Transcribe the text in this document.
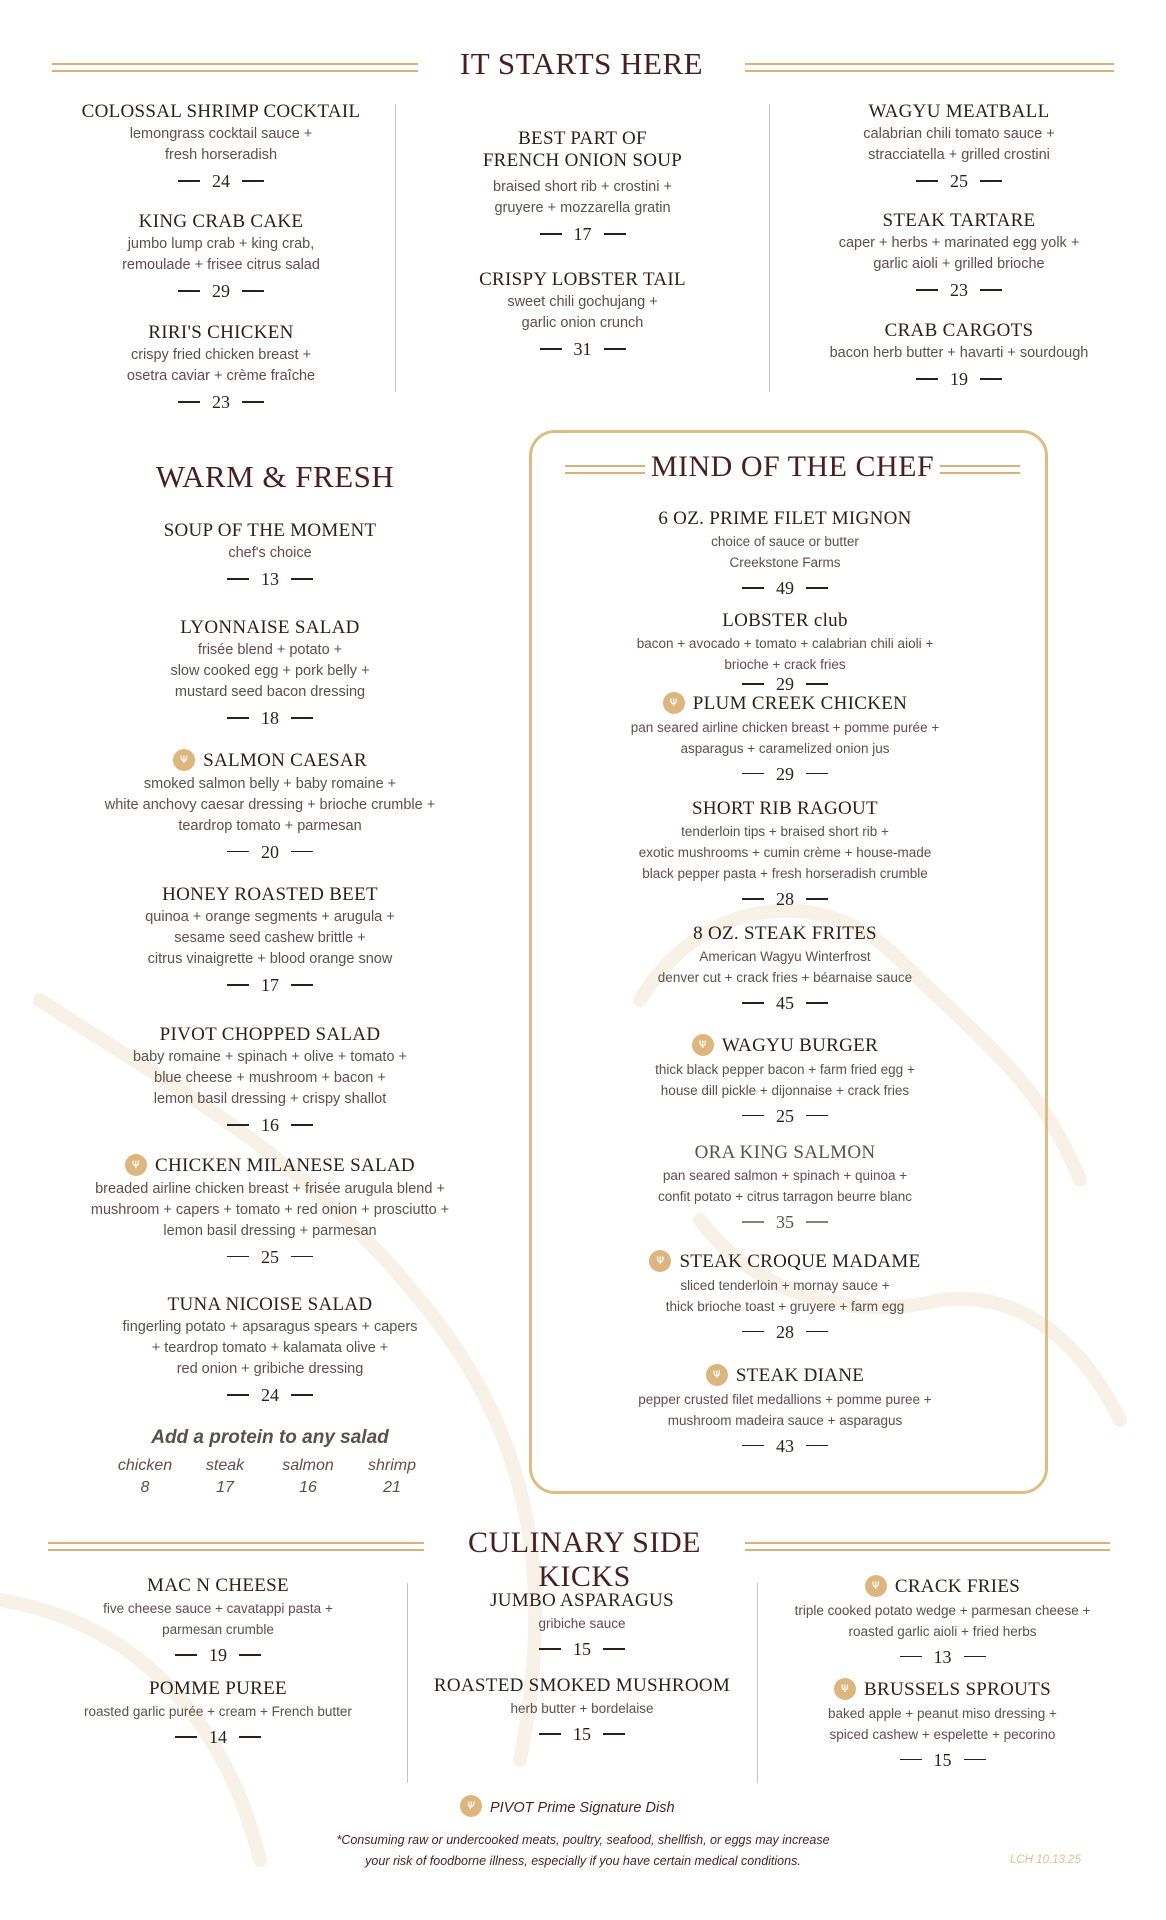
IT STARTS HERE
COLOSSAL SHRIMP COCKTAIL
lemongrass cocktail sauce +
fresh horseradish
24
KING CRAB CAKE
jumbo lump crab + king crab,
remoulade + frisee citrus salad
29
RIRI'S CHICKEN
crispy fried chicken breast +
osetra caviar + crème fraîche
23
BEST PART OF
FRENCH ONION SOUP
braised short rib + crostini +
gruyere + mozzarella gratin
17
CRISPY LOBSTER TAIL
sweet chili gochujang +
garlic onion crunch
31
WAGYU MEATBALL
calabrian chili tomato sauce +
stracciatella + grilled crostini
25
STEAK TARTARE
caper + herbs + marinated egg yolk +
garlic aioli + grilled brioche
23
CRAB CARGOTS
bacon herb butter + havarti + sourdough
19
WARM & FRESH
SOUP OF THE MOMENT
chef's choice
13
LYONNAISE SALAD
frisée blend + potato +
slow cooked egg + pork belly +
mustard seed bacon dressing
18
ᴪ SALMON CAESAR
smoked salmon belly + baby romaine +
white anchovy caesar dressing + brioche crumble +
teardrop tomato + parmesan
20
HONEY ROASTED BEET
quinoa + orange segments + arugula +
sesame seed cashew brittle +
citrus vinaigrette + blood orange snow
17
PIVOT CHOPPED SALAD
baby romaine + spinach + olive + tomato +
blue cheese + mushroom + bacon +
lemon basil dressing + crispy shallot
16
ᴪ CHICKEN MILANESE SALAD
breaded airline chicken breast + frisée arugula blend +
mushroom + capers + tomato + red onion + prosciutto +
lemon basil dressing + parmesan
25
TUNA NICOISE SALAD
fingerling potato + apsaragus spears + capers
+ teardrop tomato + kalamata olive +
red onion + gribiche dressing
24
Add a protein to any salad
chicken
8
steak
17
salmon
16
shrimp
21
MIND OF THE CHEF
6 OZ. PRIME FILET MIGNON
choice of sauce or butter
Creekstone Farms
49
LOBSTER club
bacon + avocado + tomato + calabrian chili aioli +
brioche + crack fries
29
ᴪ PLUM CREEK CHICKEN
pan seared airline chicken breast + pomme purée +
asparagus + caramelized onion jus
29
SHORT RIB RAGOUT
tenderloin tips + braised short rib +
exotic mushrooms + cumin crème + house-made
black pepper pasta + fresh horseradish crumble
28
8 OZ. STEAK FRITES
American Wagyu Winterfrost
denver cut + crack fries + béarnaise sauce
45
ᴪ WAGYU BURGER
thick black pepper bacon + farm fried egg +
house dill pickle + dijonnaise + crack fries
25
ORA KING SALMON
pan seared salmon + spinach + quinoa +
confit potato + citrus tarragon beurre blanc
35
ᴪ STEAK CROQUE MADAME
sliced tenderloin + mornay sauce +
thick brioche toast + gruyere + farm egg
28
ᴪ STEAK DIANE
pepper crusted filet medallions + pomme puree +
mushroom madeira sauce + asparagus
43
CULINARY SIDE KICKS
MAC N CHEESE
five cheese sauce + cavatappi pasta +
parmesan crumble
19
POMME PUREE
roasted garlic purée + cream + French butter
14
JUMBO ASPARAGUS
gribiche sauce
15
ROASTED SMOKED MUSHROOM
herb butter + bordelaise
15
ᴪ CRACK FRIES
triple cooked potato wedge + parmesan cheese +
roasted garlic aioli + fried herbs
13
ᴪ BRUSSELS SPROUTS
baked apple + peanut miso dressing +
spiced cashew + espelette + pecorino
15
ᴪ PIVOT Prime Signature Dish
*Consuming raw or undercooked meats, poultry, seafood, shellfish, or eggs may increase
your risk of foodborne illness, especially if you have certain medical conditions.	LCH 10.13.25
